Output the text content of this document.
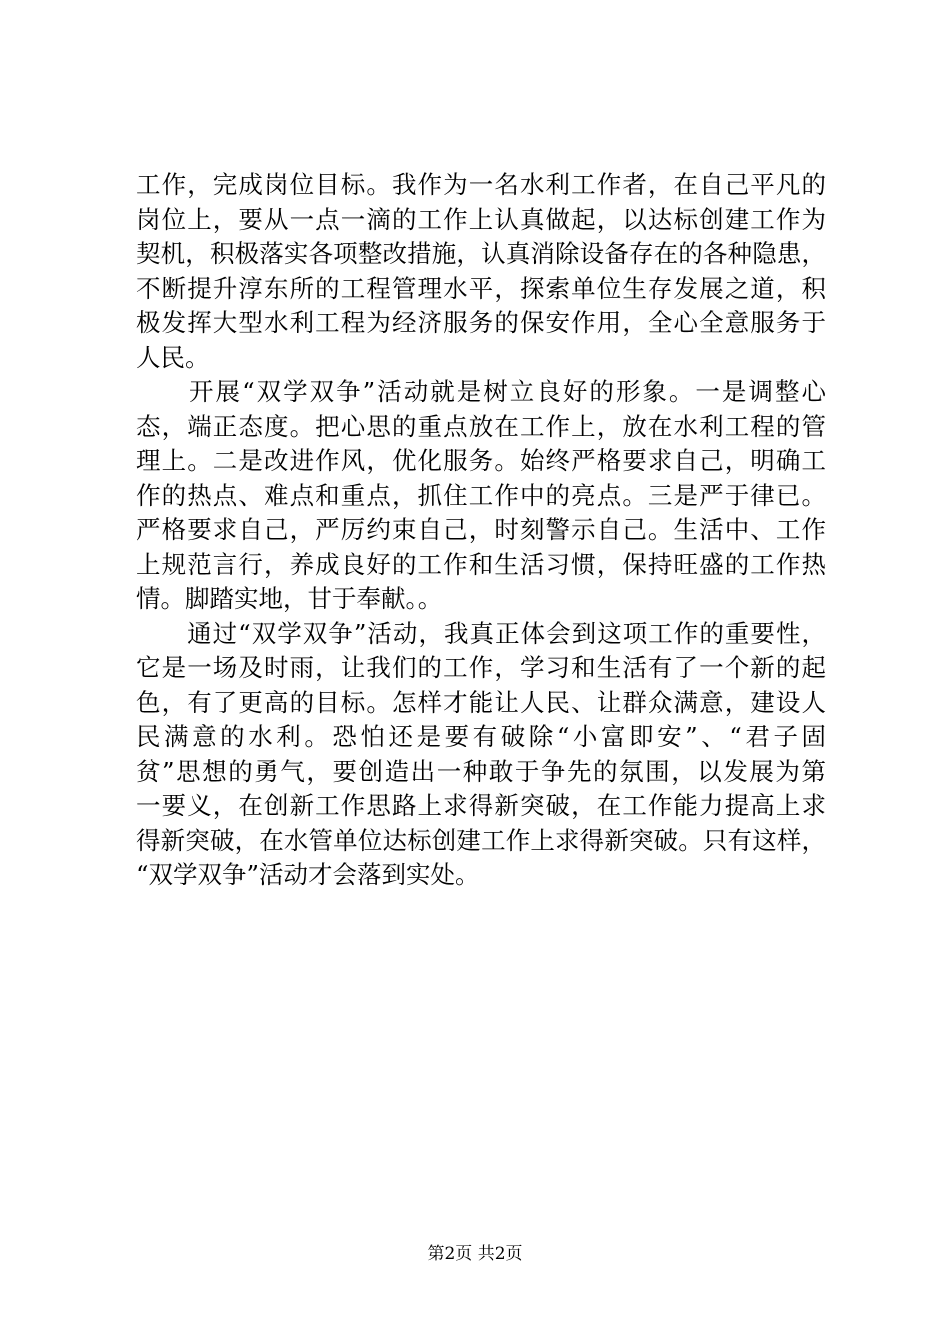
工作，完成岗位目标。我作为一名水利工作者，在自己平凡的
岗位上，要从一点一滴的工作上认真做起，以达标创建工作为
契机，积极落实各项整改措施，认真消除设备存在的各种隐患，
不断提升淳东所的工程管理水平，探索单位生存发展之道，积
极发挥大型水利工程为经济服务的保安作用，全心全意服务于
人民。
　　开展“双学双争”活动就是树立良好的形象。一是调整心
态，端正态度。把心思的重点放在工作上，放在水利工程的管
理上。二是改进作风，优化服务。始终严格要求自己，明确工
作的热点、难点和重点，抓住工作中的亮点。三是严于律已。
严格要求自己，严厉约束自己，时刻警示自己。生活中、工作
上规范言行，养成良好的工作和生活习惯，保持旺盛的工作热
情。脚踏实地，甘于奉献。。
　　通过“双学双争”活动，我真正体会到这项工作的重要性，
它是一场及时雨，让我们的工作，学习和生活有了一个新的起
色，有了更高的目标。怎样才能让人民、让群众满意，建设人
民满意的水利。恐怕还是要有破除“小富即安”、“君子固
贫”思想的勇气，要创造出一种敢于争先的氛围，以发展为第
一要义，在创新工作思路上求得新突破，在工作能力提高上求
得新突破，在水管单位达标创建工作上求得新突破。只有这样，
“双学双争”活动才会落到实处。
第2页 共2页
